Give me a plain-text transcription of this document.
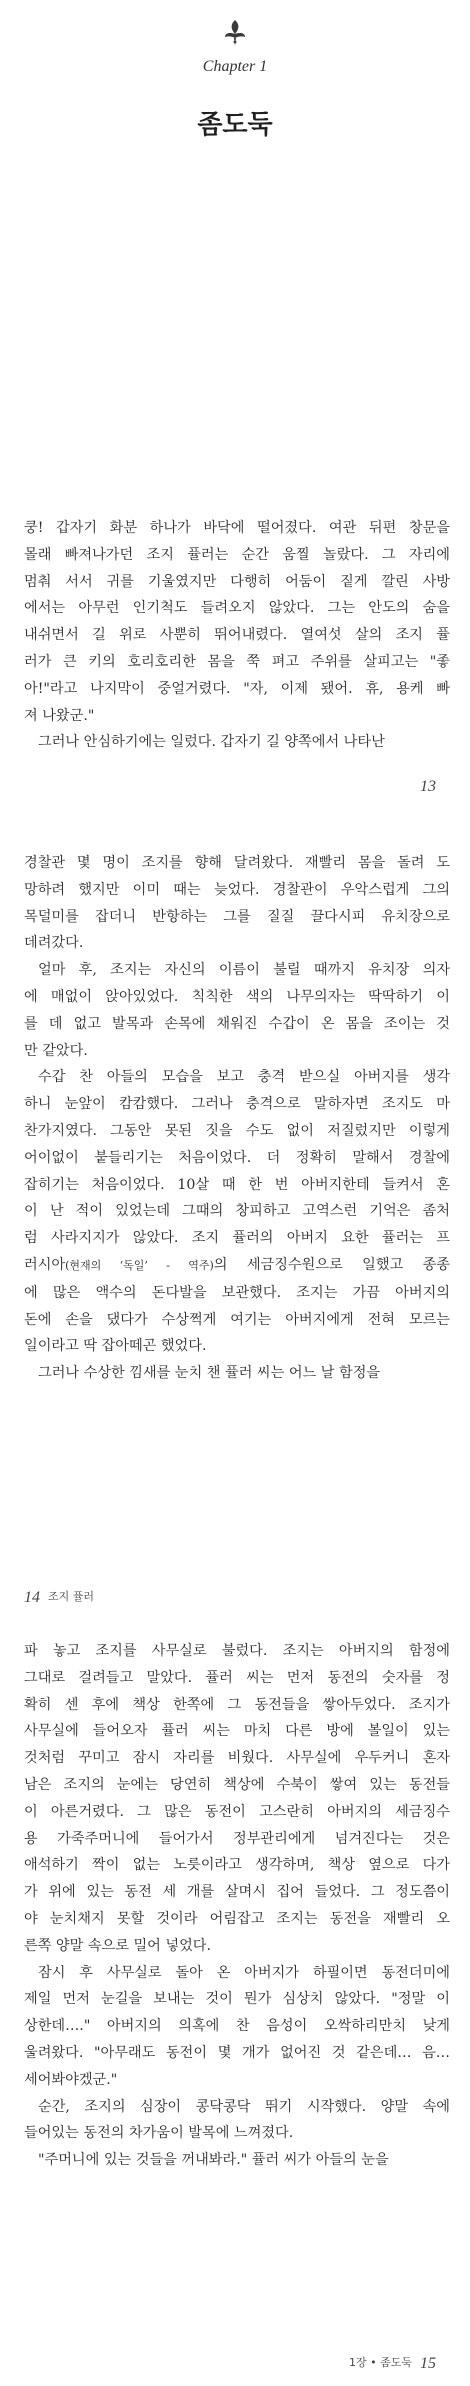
Chapter 1
좀도둑
쿵! 갑자기 화분 하나가 바닥에 떨어졌다. 여관 뒤편 창문을
몰래 빠져나가던 조지 퓰러는 순간 움찔 놀랐다. 그 자리에
멈춰 서서 귀를 기울였지만 다행히 어둠이 짙게 깔린 사방
에서는 아무런 인기척도 들려오지 않았다. 그는 안도의 숨을
내쉬면서 길 위로 사뿐히 뛰어내렸다. 열여섯 살의 조지 퓰
러가 큰 키의 호리호리한 몸을 쭉 펴고 주위를 살피고는 "좋
아!"라고 나지막이 중얼거렸다. "자, 이제 됐어. 휴, 용케 빠
져 나왔군."
그러나 안심하기에는 일렀다. 갑자기 길 양쪽에서 나타난
13
경찰관 몇 명이 조지를 향해 달려왔다. 재빨리 몸을 돌려 도
망하려 했지만 이미 때는 늦었다. 경찰관이 우악스럽게 그의
목덜미를 잡더니 반항하는 그를 질질 끌다시피 유치장으로
데려갔다.
얼마 후, 조지는 자신의 이름이 불릴 때까지 유치장 의자
에 매없이 앉아있었다. 칙칙한 색의 나무의자는 딱딱하기 이
를 데 없고 발목과 손목에 채워진 수갑이 온 몸을 조이는 것
만 같았다.
수갑 찬 아들의 모습을 보고 충격 받으실 아버지를 생각
하니 눈앞이 캄캄했다. 그러나 충격으로 말하자면 조지도 마
찬가지였다. 그동안 못된 짓을 수도 없이 저질렀지만 이렇게
어이없이 붙들리기는 처음이었다. 더 정확히 말해서 경찰에
잡히기는 처음이었다. 10살 때 한 번 아버지한테 들켜서 혼
이 난 적이 있었는데 그때의 창피하고 고역스런 기억은 좀처
럼 사라지지가 않았다. 조지 퓰러의 아버지 요한 퓰러는 프
러시아(현재의 ‘독일’ - 역주)의 세금징수원으로 일했고 종종
에 많은 액수의 돈다발을 보관했다. 조지는 가끔 아버지의
돈에 손을 댔다가 수상쩍게 여기는 아버지에게 전혀 모르는
일이라고 딱 잡아떼곤 했었다.
그러나 수상한 낌새를 눈치 챈 퓰러 씨는 어느 날 함정을
14 조지 퓰러
파 놓고 조지를 사무실로 불렀다. 조지는 아버지의 함정에
그대로 걸려들고 말았다. 퓰러 씨는 먼저 동전의 숫자를 정
확히 센 후에 책상 한쪽에 그 동전들을 쌓아두었다. 조지가
사무실에 들어오자 퓰러 씨는 마치 다른 방에 볼일이 있는
것처럼 꾸미고 잠시 자리를 비웠다. 사무실에 우두커니 혼자
남은 조지의 눈에는 당연히 책상에 수북이 쌓여 있는 동전들
이 아른거렸다. 그 많은 동전이 고스란히 아버지의 세금징수
용 가죽주머니에 들어가서 정부관리에게 넘겨진다는 것은
애석하기 짝이 없는 노릇이라고 생각하며, 책상 옆으로 다가
가 위에 있는 동전 세 개를 살며시 집어 들었다. 그 정도쯤이
야 눈치채지 못할 것이라 어림잡고 조지는 동전을 재빨리 오
른쪽 양말 속으로 밀어 넣었다.
잠시 후 사무실로 돌아 온 아버지가 하필이면 동전더미에
제일 먼저 눈길을 보내는 것이 뭔가 심상치 않았다. "정말 이
상한데…." 아버지의 의혹에 찬 음성이 오싹하리만치 낮게
울려왔다. "아무래도 동전이 몇 개가 없어진 것 같은데… 음…
세어봐야겠군."
순간, 조지의 심장이 콩닥콩닥 뛰기 시작했다. 양말 속에
들어있는 동전의 차가움이 발목에 느껴졌다.
"주머니에 있는 것들을 꺼내봐라." 퓰러 씨가 아들의 눈을
1장 • 좀도둑 15
